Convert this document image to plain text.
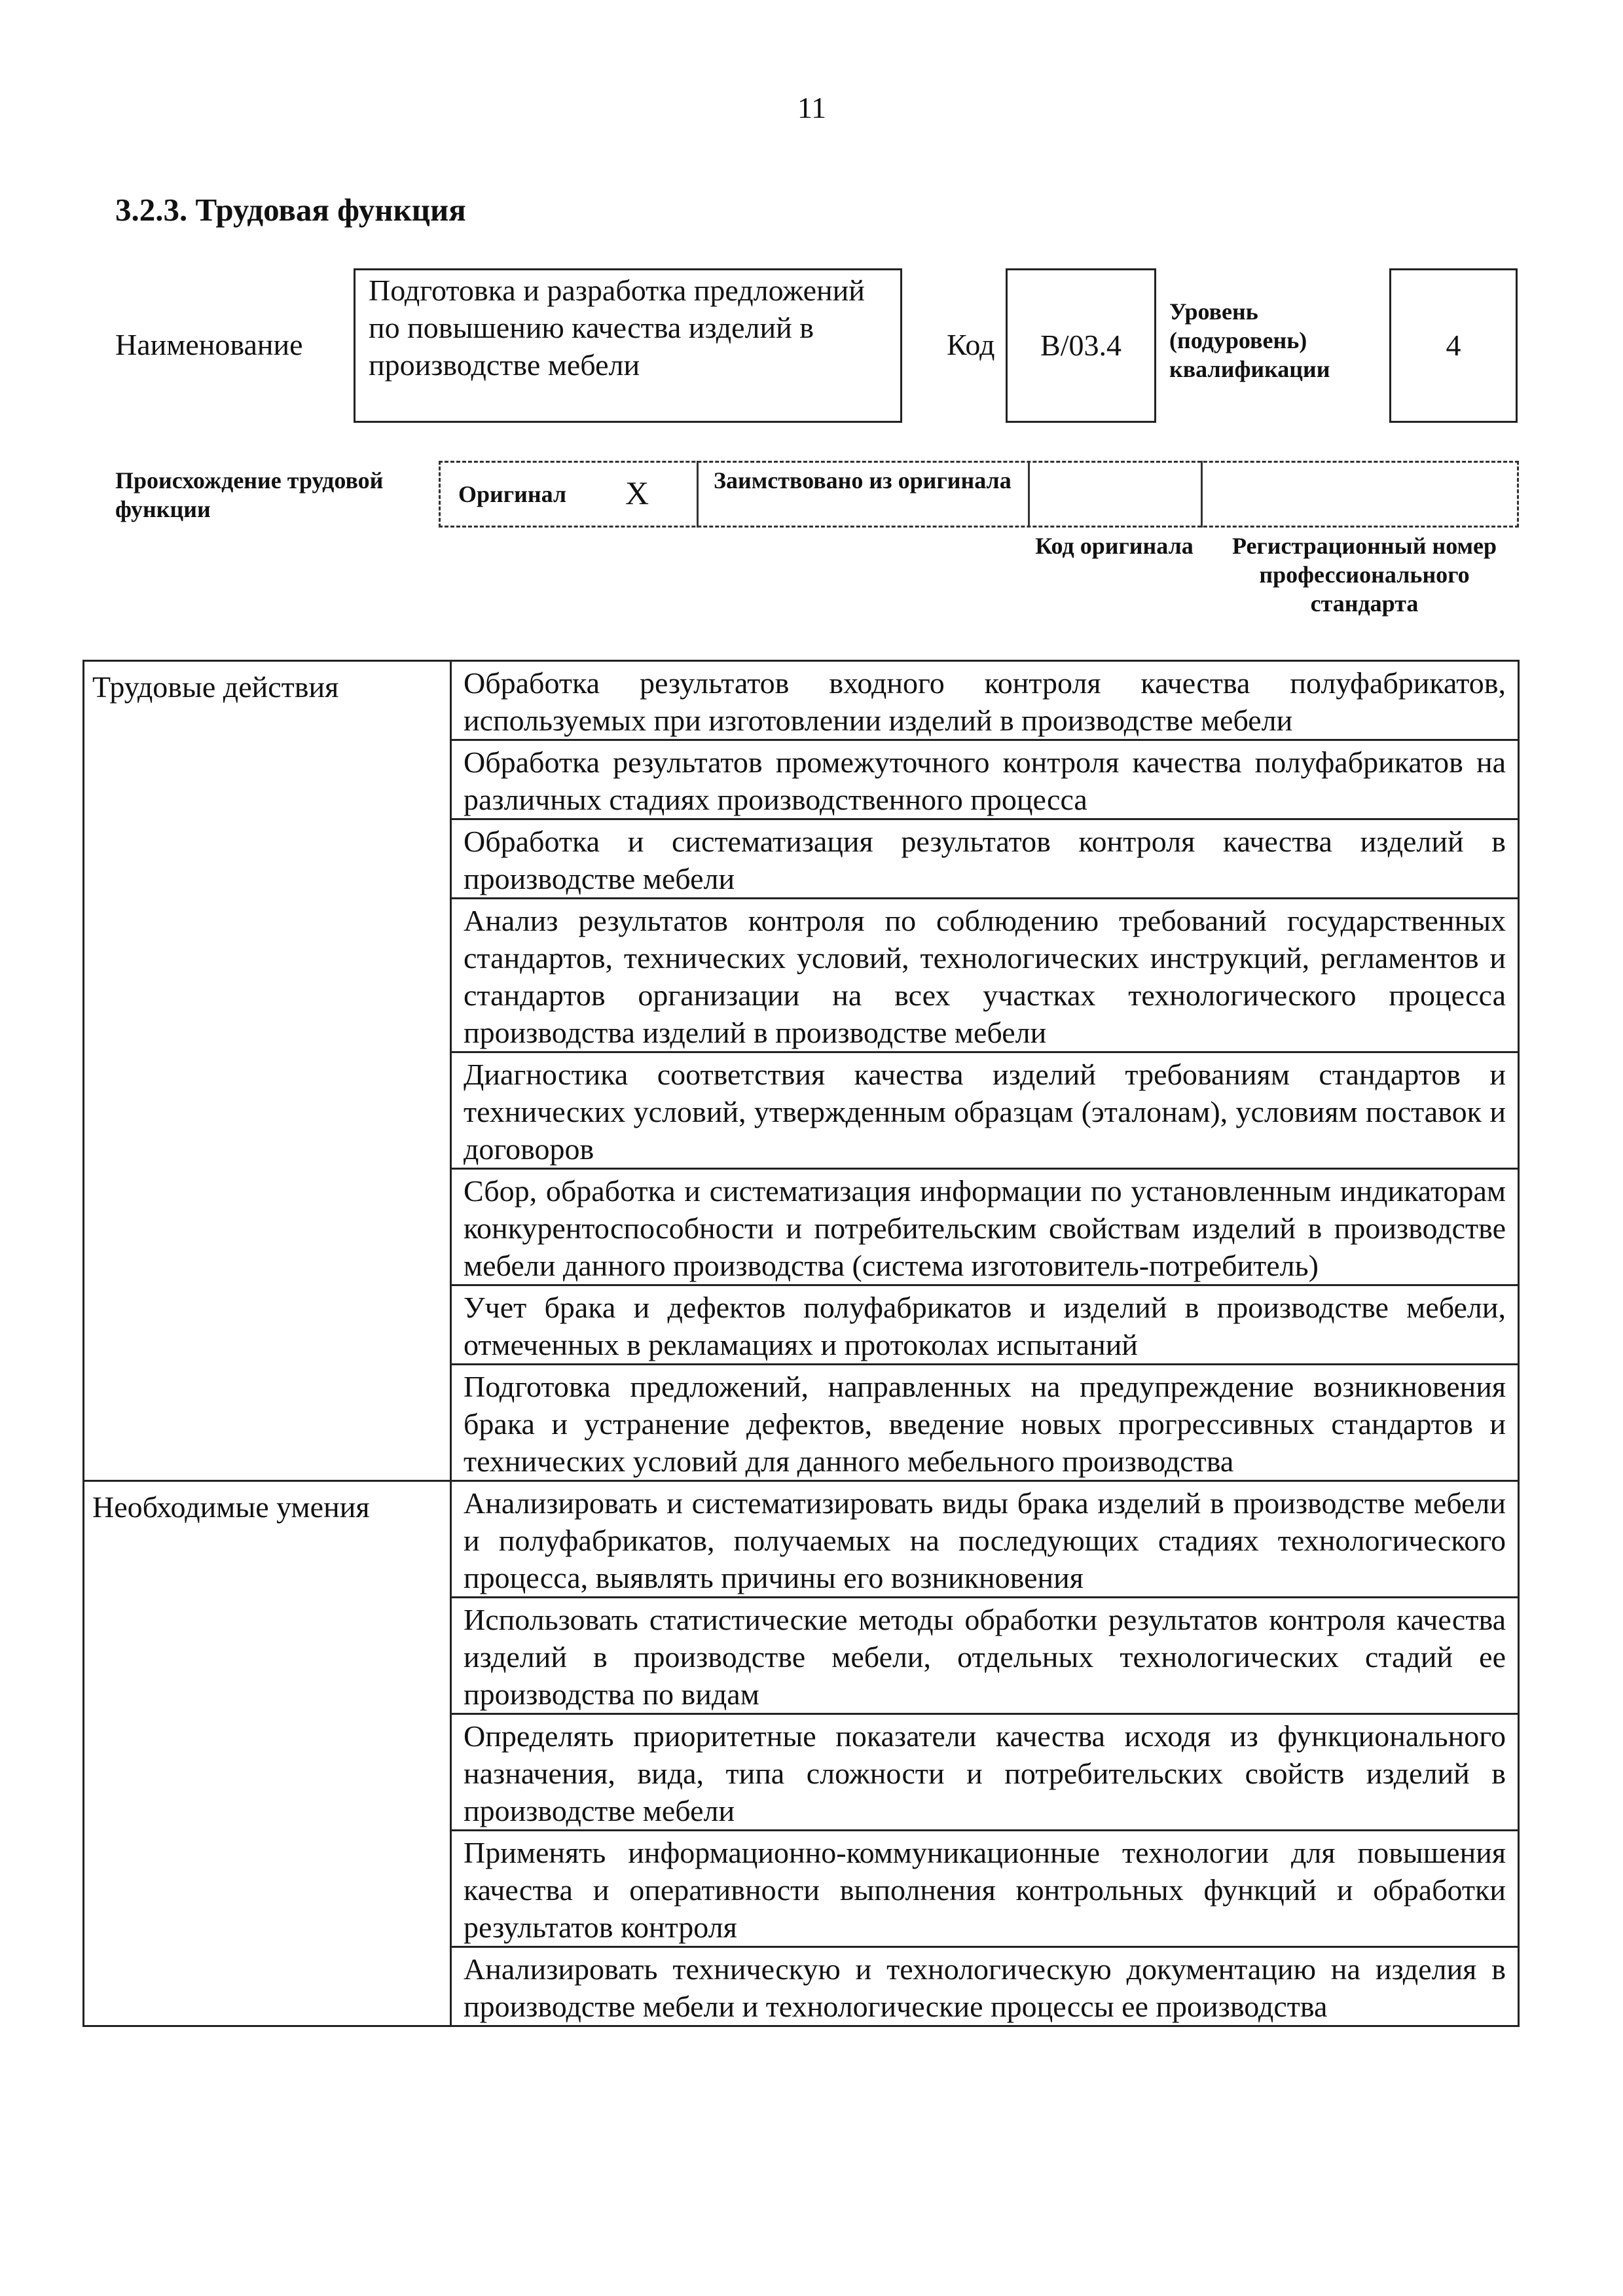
11
3.2.3. Трудовая функция
Наименование
Подготовка и разработка предложений по повышению качества изделий в производстве мебели
Код	B/03.4
Уровень (подуровень) квалификации
4
Происхождение трудовой функции
Оригинал X	Заимствовано из оригинала
Код оригинала	Регистрационный номер профессионального стандарта
Трудовые действия	Обработка результатов входного контроля качества полуфабрикатов, используемых при изготовлении изделий в производстве мебели
	Обработка результатов промежуточного контроля качества полуфабрикатов на различных стадиях производственного процесса
	Обработка и систематизация результатов контроля качества изделий в производстве мебели
	Анализ результатов контроля по соблюдению требований государственных стандартов, технических условий, технологических инструкций, регламентов и стандартов организации на всех участках технологического процесса производства изделий в производстве мебели
	Диагностика соответствия качества изделий требованиям стандартов и технических условий, утвержденным образцам (эталонам), условиям поставок и договоров
	Сбор, обработка и систематизация информации по установленным индикаторам конкурентоспособности и потребительским свойствам изделий в производстве мебели данного производства (система изготовитель-потребитель)
	Учет брака и дефектов полуфабрикатов и изделий в производстве мебели, отмеченных в рекламациях и протоколах испытаний
	Подготовка предложений, направленных на предупреждение возникновения брака и устранение дефектов, введение новых прогрессивных стандартов и технических условий для данного мебельного производства
Необходимые умения	Анализировать и систематизировать виды брака изделий в производстве мебели и полуфабрикатов, получаемых на последующих стадиях технологического процесса, выявлять причины его возникновения
	Использовать статистические методы обработки результатов контроля качества изделий в производстве мебели, отдельных технологических стадий ее производства по видам
	Определять приоритетные показатели качества исходя из функционального назначения, вида, типа сложности и потребительских свойств изделий в производстве мебели
	Применять информационно-коммуникационные технологии для повышения качества и оперативности выполнения контрольных функций и обработки результатов контроля
	Анализировать техническую и технологическую документацию на изделия в производстве мебели и технологические процессы ее производства
